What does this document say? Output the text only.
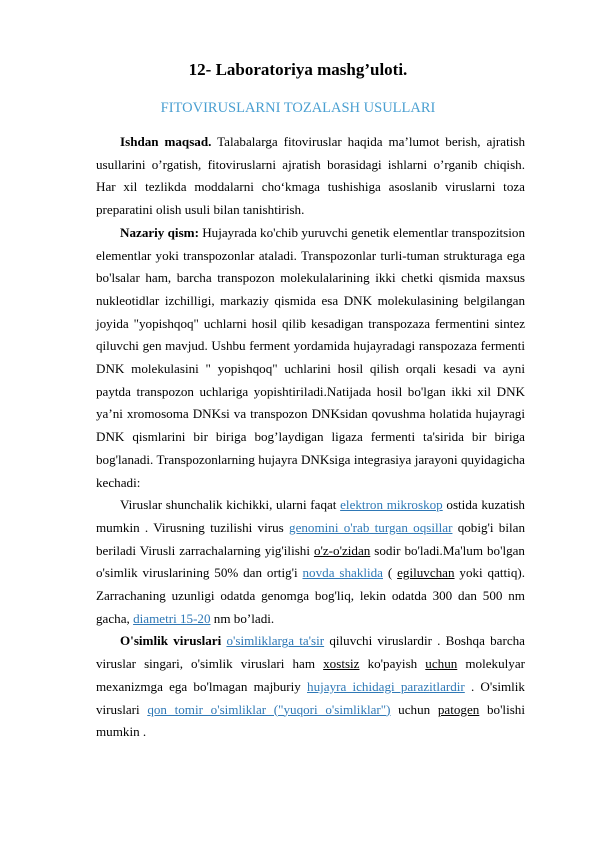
12- Laboratoriya mashg’uloti.
FITOVIRUSLARNI TOZALASH USULLARI

Ishdan maqsad. Talabalarga fitoviruslar haqida ma’lumot berish, ajratish usullarini o’rgatish, fitoviruslarni ajratish borasidagi ishlarni o’rganib chiqish. Har xil tezlikda moddalarni cho‘kmaga tushishiga asoslanib viruslarni toza preparatini olish usuli bilan tanishtirish.

Nazariy qism: Hujayrada ko'chib yuruvchi genetik elementlar transpozitsion elementlar yoki transpozonlar ataladi. Transpozonlar turli-tuman strukturaga ega bo'lsalar ham, barcha transpozon molekulalarining ikki chetki qismida maxsus nukleotidlar izchilligi, markaziy qismida esa DNK molekulasining belgilangan joyida "yopishqoq" uchlarni hosil qilib kesadigan transpozaza fermentini sintez qiluvchi gen mavjud. Ushbu ferment yordamida hujayradagi ranspozaza fermenti DNK molekulasini " yopishqoq" uchlarini hosil qilish orqali kesadi va ayni paytda transpozon uchlariga yopishtiriladi.Natijada hosil bo'lgan ikki xil DNK ya’ni xromosoma DNKsi va transpozon DNKsidan qovushma holatida hujayragi DNK qismlarini bir biriga bog’laydigan ligaza fermenti ta'sirida bir biriga bog'lanadi. Transpozonlarning hujayra DNKsiga integrasiya jarayoni quyidagicha kechadi:

Viruslar shunchalik kichikki, ularni faqat elektron mikroskop ostida kuzatish mumkin . Virusning tuzilishi virus genomini o'rab turgan oqsillar qobig'i bilan beriladi Virusli zarrachalarning yig'ilishi o'z-o'zidan sodir bo'ladi.Ma'lum bo'lgan o'simlik viruslarining 50% dan ortig'i novda shaklida ( egiluvchan yoki qattiq). Zarrachaning uzunligi odatda genomga bog'liq, lekin odatda 300 dan 500 nm gacha, diametri 15-20 nm bo’ladi.

O'simlik viruslari o'simliklarga ta'sir qiluvchi viruslardir . Boshqa barcha viruslar singari, o'simlik viruslari ham xostsiz ko'payish uchun molekulyar mexanizmga ega bo'lmagan majburiy hujayra ichidagi parazitlardir . O'simlik viruslari qon tomir o'simliklar ("yuqori o'simliklar") uchun patogen bo'lishi mumkin .
